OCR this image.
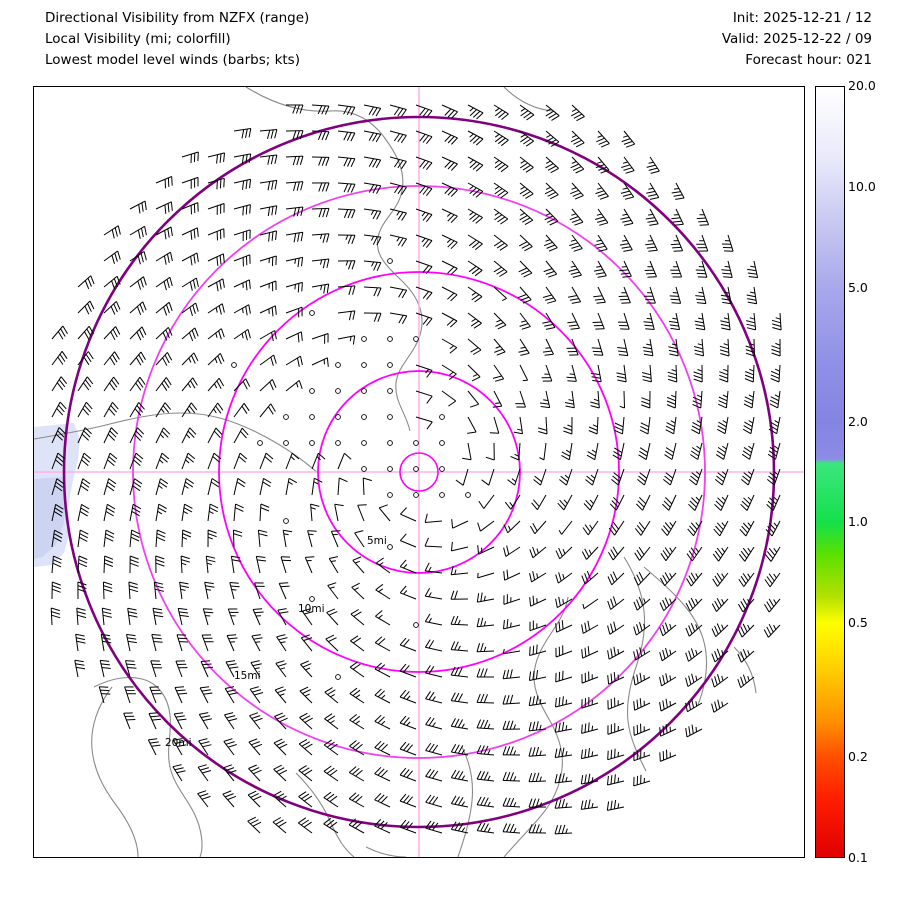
Directional Visibility from NZFX (range)
Local Visibility (mi; colorfill)
Lowest model level winds (barbs; kts)
Init: 2025-12-21 / 12
Valid: 2025-12-22 / 09
Forecast hour: 021
5mi
10mi
15mi
20mi
20.0
10.0
5.0
2.0
1.0
0.5
0.2
0.1
